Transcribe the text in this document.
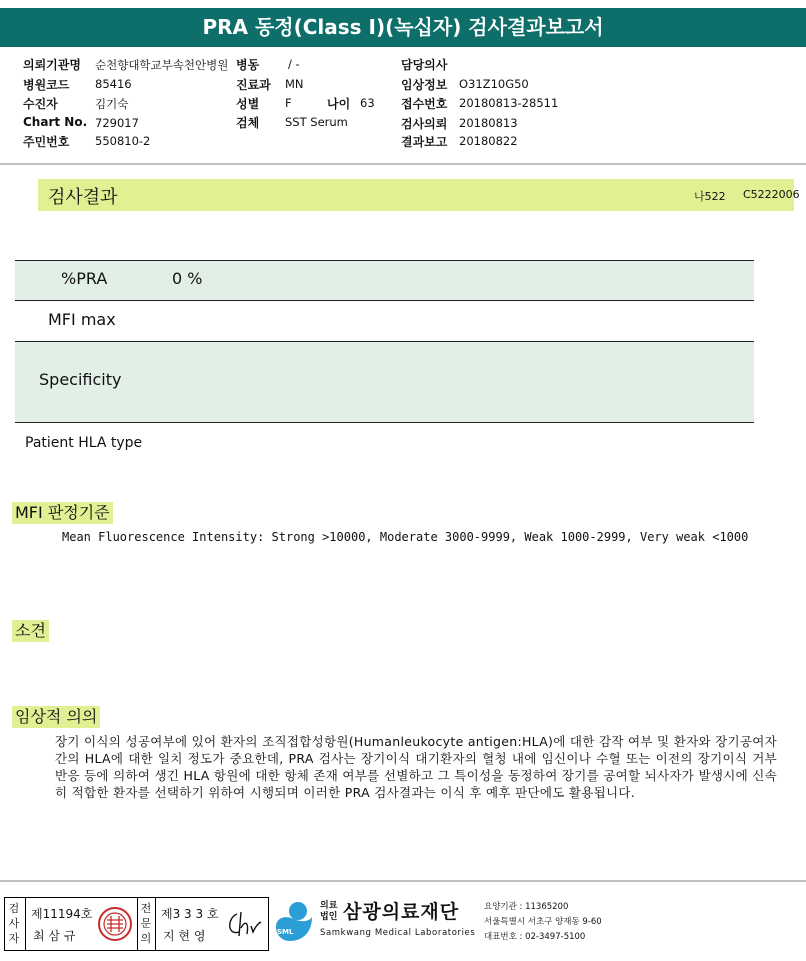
PRA 동정(Class I)(녹십자) 검사결과보고서
의뢰기관명 순천향대학교부속천안병원
병원코드 85416
수진자	김기숙
Chart No. 729017
주민번호 550810-2
병동	/ -
진료과 MN
성별 F	나이 63
검체 SST Serum
담당의사
임상정보 O31Z10G50
접수번호 20180813-28511
검사의뢰 20180813
결과보고 20180822
검사결과	나522 C5222006
%PRA	0 %
MFI max
Specificity
Patient HLA type
MFI 판정기준
Mean Fluorescence Intensity: Strong >10000, Moderate 3000-9999, Weak 1000-2999, Very weak <1000
소견
임상적 의의
장기 이식의 성공여부에 있어 환자의 조직접합성항원(Humanleukocyte antigen:HLA)에 대한 감작 여부 및 환자와 장기공여자간의 HLA에 대한 일치 정도가 중요한데, PRA 검사는 장기이식 대기환자의 혈청 내에 임신이나 수혈 또는 이전의 장기이식 거부반응 등에 의하여 생긴 HLA 항원에 대한 항체 존재 여부를 선별하고 그 특이성을 동정하여 장기를 공여할 뇌사자가 발생시에 신속히 적합한 환자를 선택하기 위하여 시행되며 이러한 PRA 검사결과는 이식 후 예후 판단에도 활용됩니다.
검사자
제11194호
최 삼 규
전문의
제3 3 3 호
지 현 영	SML
의료법인 삼광의료재단
Samkwang Medical Laboratories
요양기관 : 11365200
서울특별시 서초구 양재동 9-60
대표번호 : 02-3497-5100
